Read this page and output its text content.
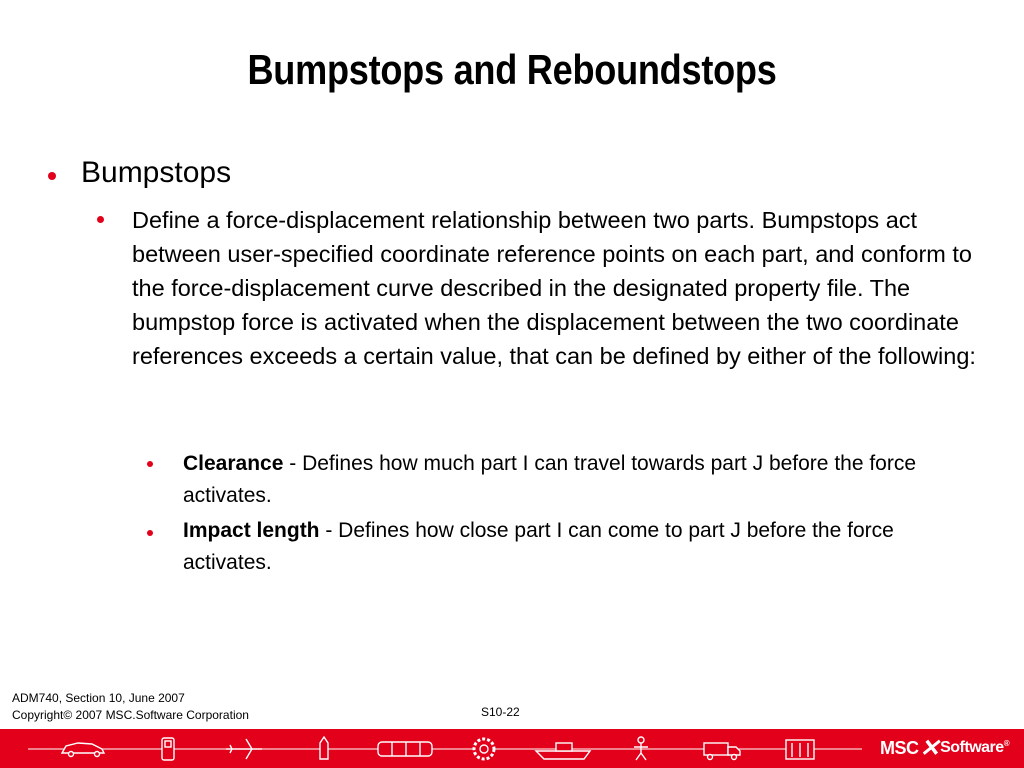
Bumpstops and Reboundstops
Bumpstops
Define a force-displacement relationship between two parts. Bumpstops act between user-specified coordinate reference points on each part, and conform to the force-displacement curve described in the designated property file. The bumpstop force is activated when the displacement between the two coordinate references exceeds a certain value, that can be defined by either of the following:
Clearance - Defines how much part I can travel towards part J before the force activates.
Impact length - Defines how close part I can come to part J before the force activates.
ADM740, Section 10, June 2007
Copyright© 2007 MSC.Software Corporation	S10-22
MSC ✕ Software ®
